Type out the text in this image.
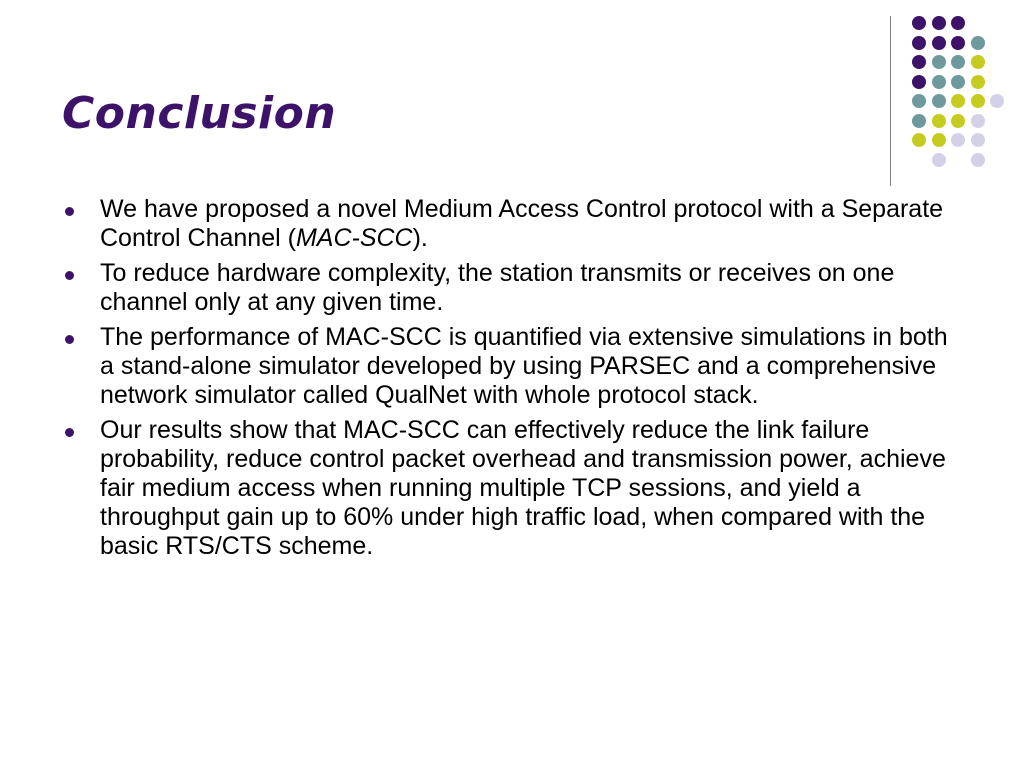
Conclusion
We have proposed a novel Medium Access Control protocol with a Separate Control Channel (MAC-SCC).
To reduce hardware complexity, the station transmits or receives on one channel only at any given time.
The performance of MAC-SCC is quantified via extensive simulations in both a stand-alone simulator developed by using PARSEC and a comprehensive network simulator called QualNet with whole protocol stack.
Our results show that MAC-SCC can effectively reduce the link failure probability, reduce control packet overhead and transmission power, achieve fair medium access when running multiple TCP sessions, and yield a throughput gain up to 60% under high traffic load, when compared with the basic RTS/CTS scheme.
